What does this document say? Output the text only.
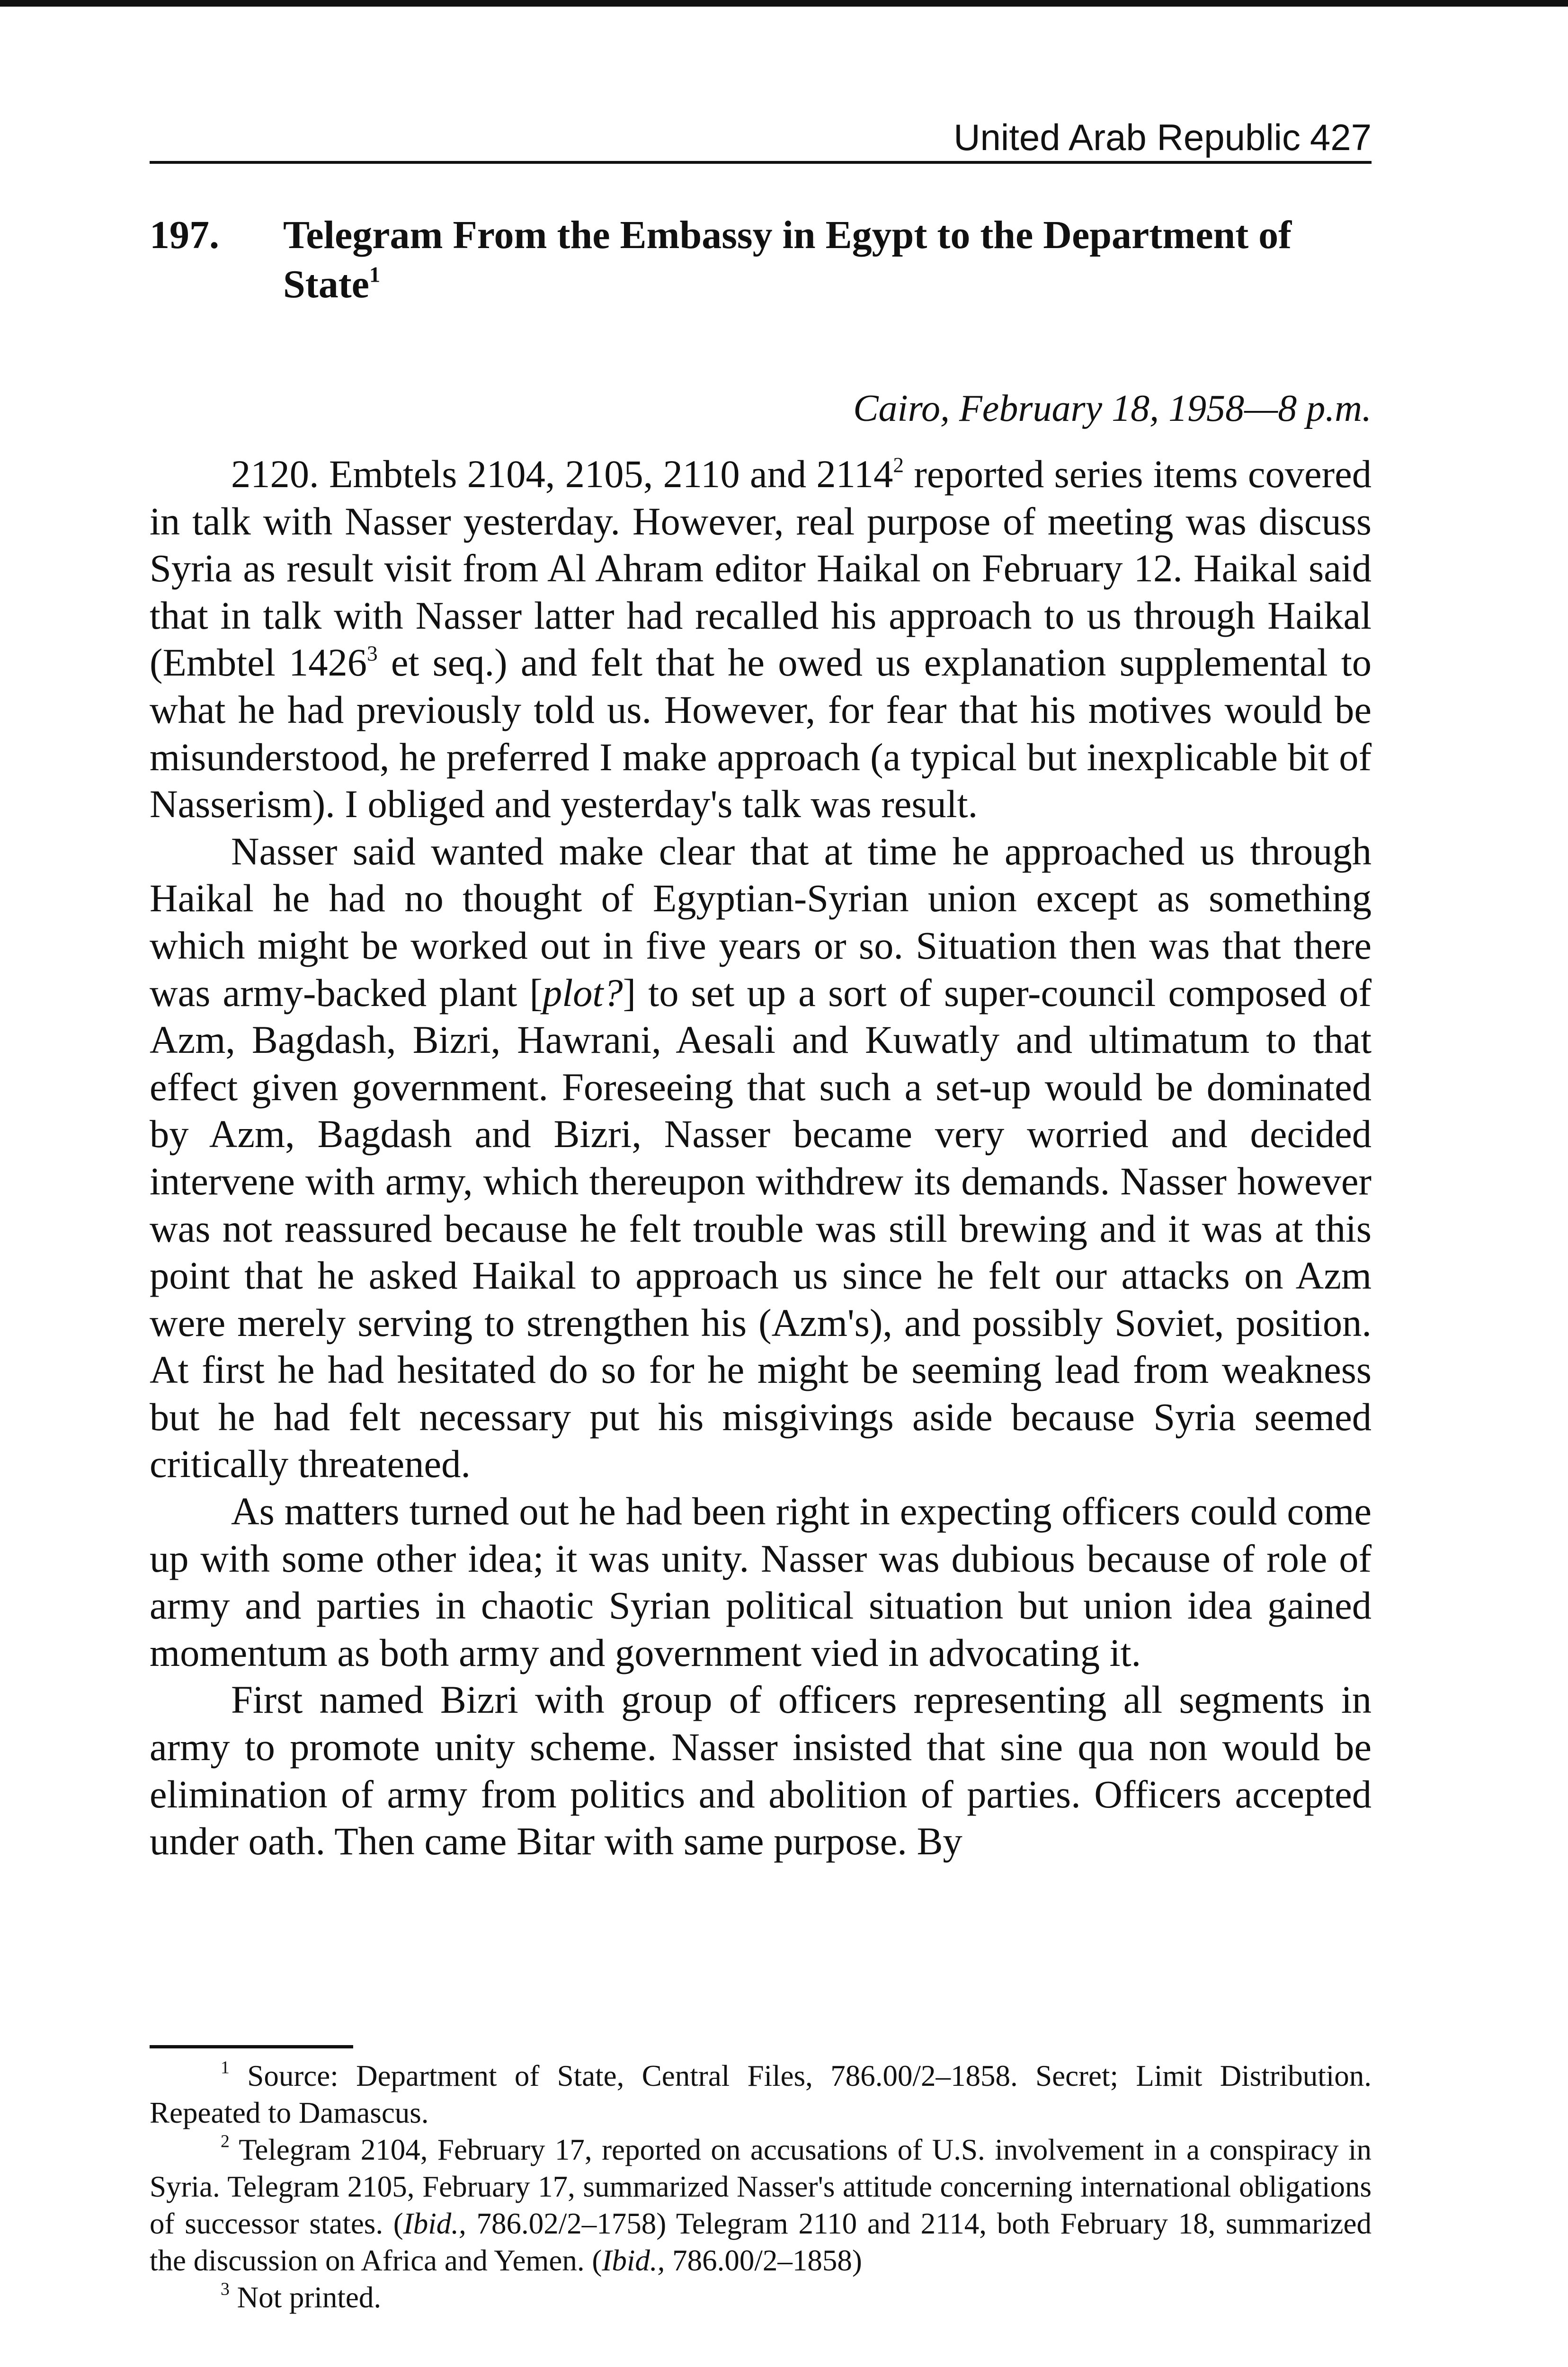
United Arab Republic 427
197. Telegram From the Embassy in Egypt to the Department of State$^1$
Cairo, February 18, 1958—8 p.m.

2120. Embtels 2104, 2105, 2110 and 2114$^2$ reported series items covered in talk with Nasser yesterday. However, real purpose of meeting was discuss Syria as result visit from Al Ahram editor Haikal on February 12. Haikal said that in talk with Nasser latter had recalled his approach to us through Haikal (Embtel 1426$^3$ et seq.) and felt that he owed us explanation supplemental to what he had previously told us. However, for fear that his motives would be misunderstood, he preferred I make approach (a typical but inexplicable bit of Nasserism). I obliged and yesterday's talk was result.

Nasser said wanted make clear that at time he approached us through Haikal he had no thought of Egyptian-Syrian union except as something which might be worked out in five years or so. Situation then was that there was army-backed plant [plot?] to set up a sort of super-council composed of Azm, Bagdash, Bizri, Hawrani, Aesali and Kuwatly and ultimatum to that effect given government. Foreseeing that such a set-up would be dominated by Azm, Bagdash and Bizri, Nasser became very worried and decided intervene with army, which thereupon withdrew its demands. Nasser however was not reassured because he felt trouble was still brewing and it was at this point that he asked Haikal to approach us since he felt our attacks on Azm were merely serving to strengthen his (Azm's), and possibly Soviet, position. At first he had hesitated do so for he might be seeming lead from weakness but he had felt necessary put his misgivings aside because Syria seemed critically threatened.

As matters turned out he had been right in expecting officers could come up with some other idea; it was unity. Nasser was dubious because of role of army and parties in chaotic Syrian political situation but union idea gained momentum as both army and government vied in advocating it.

First named Bizri with group of officers representing all segments in army to promote unity scheme. Nasser insisted that sine qua non would be elimination of army from politics and abolition of parties. Officers accepted under oath. Then came Bitar with same purpose. By

$^1$ Source: Department of State, Central Files, 786.00/2–1858. Secret; Limit Distribution. Repeated to Damascus.

$^2$ Telegram 2104, February 17, reported on accusations of U.S. involvement in a conspiracy in Syria. Telegram 2105, February 17, summarized Nasser's attitude concerning international obligations of successor states. (Ibid., 786.02/2–1758) Telegram 2110 and 2114, both February 18, summarized the discussion on Africa and Yemen. (Ibid., 786.00/2–1858)

$^3$ Not printed.
